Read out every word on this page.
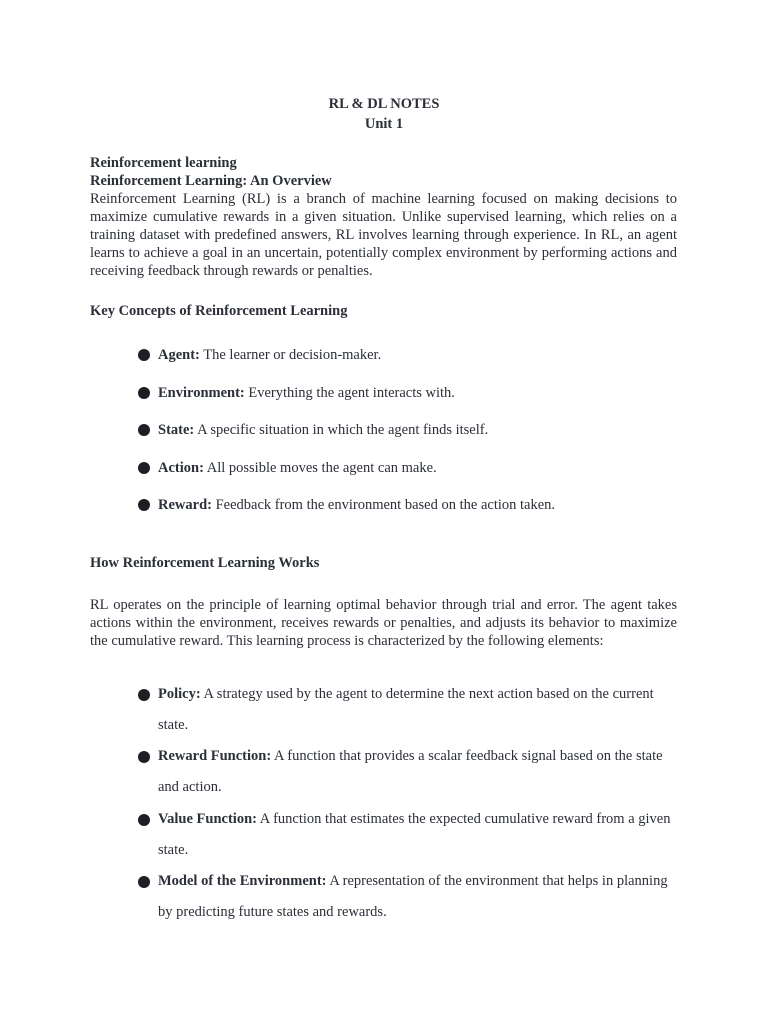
RL & DL NOTES
Unit 1
Reinforcement learning
Reinforcement Learning: An Overview
Reinforcement Learning (RL) is a branch of machine learning focused on making decisions to maximize cumulative rewards in a given situation. Unlike supervised learning, which relies on a training dataset with predefined answers, RL involves learning through experience. In RL, an agent learns to achieve a goal in an uncertain, potentially complex environment by performing actions and receiving feedback through rewards or penalties.
Key Concepts of Reinforcement Learning
Agent: The learner or decision-maker.
Environment: Everything the agent interacts with.
State: A specific situation in which the agent finds itself.
Action: All possible moves the agent can make.
Reward: Feedback from the environment based on the action taken.
How Reinforcement Learning Works
RL operates on the principle of learning optimal behavior through trial and error. The agent takes actions within the environment, receives rewards or penalties, and adjusts its behavior to maximize the cumulative reward. This learning process is characterized by the following elements:
Policy: A strategy used by the agent to determine the next action based on the current state.
Reward Function: A function that provides a scalar feedback signal based on the state and action.
Value Function: A function that estimates the expected cumulative reward from a given state.
Model of the Environment: A representation of the environment that helps in planning by predicting future states and rewards.
